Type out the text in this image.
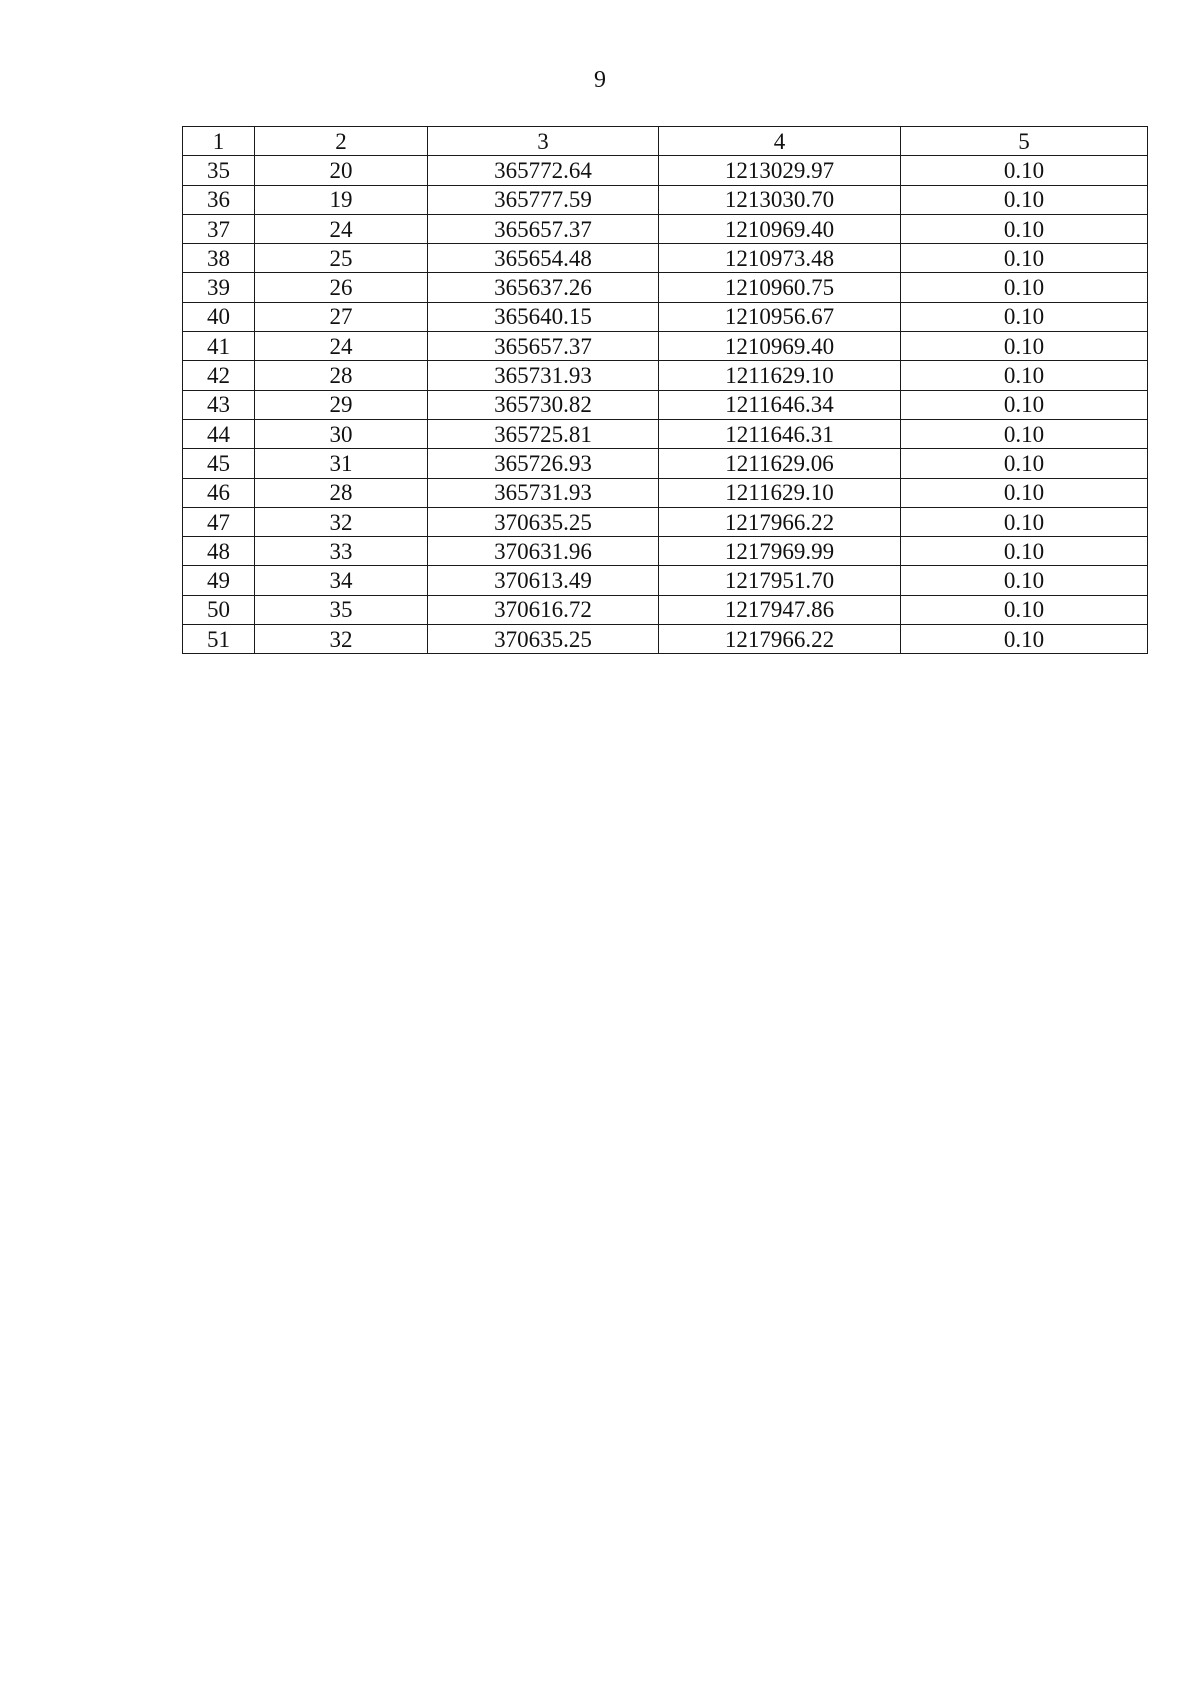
9
1	2	3	4	5
35	20	365772.64	1213029.97	0.10
36	19	365777.59	1213030.70	0.10
37	24	365657.37	1210969.40	0.10
38	25	365654.48	1210973.48	0.10
39	26	365637.26	1210960.75	0.10
40	27	365640.15	1210956.67	0.10
41	24	365657.37	1210969.40	0.10
42	28	365731.93	1211629.10	0.10
43	29	365730.82	1211646.34	0.10
44	30	365725.81	1211646.31	0.10
45	31	365726.93	1211629.06	0.10
46	28	365731.93	1211629.10	0.10
47	32	370635.25	1217966.22	0.10
48	33	370631.96	1217969.99	0.10
49	34	370613.49	1217951.70	0.10
50	35	370616.72	1217947.86	0.10
51	32	370635.25	1217966.22	0.10
